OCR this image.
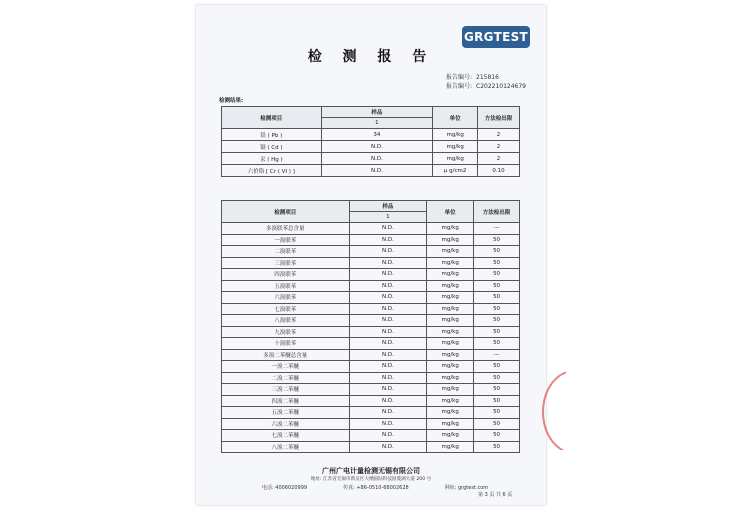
GRGTEST
检 测 报 告
报告编号: 215816
报告编号: C202210124679
检测结果:
检测项目	样品	单位	方法检出限
	1		
铅 ( Pb )	34	mg/kg	2
镉 ( Cd )	N.D.	mg/kg	2
汞 ( Hg )	N.D.	mg/kg	2
六价铬 [ Cr ( VI ) ]	N.D.	μ g/cm2	0.10
检测项目	样品	单位	方法检出限
	1		
多溴联苯总含量	N.D.	mg/kg	---
一溴联苯	N.D.	mg/kg	50
二溴联苯	N.D.	mg/kg	50
三溴联苯	N.D.	mg/kg	50
四溴联苯	N.D.	mg/kg	50
五溴联苯	N.D.	mg/kg	50
六溴联苯	N.D.	mg/kg	50
七溴联苯	N.D.	mg/kg	50
八溴联苯	N.D.	mg/kg	50
九溴联苯	N.D.	mg/kg	50
十溴联苯	N.D.	mg/kg	50
多溴二苯醚总含量	N.D.	mg/kg	---
一溴二苯醚	N.D.	mg/kg	50
二溴二苯醚	N.D.	mg/kg	50
三溴二苯醚	N.D.	mg/kg	50
四溴二苯醚	N.D.	mg/kg	50
五溴二苯醚	N.D.	mg/kg	50
六溴二苯醚	N.D.	mg/kg	50
七溴二苯醚	N.D.	mg/kg	50
八溴二苯醚	N.D.	mg/kg	50
广州广电计量检测无锡有限公司
地址: 江苏省无锡市新吴区大纲国际科技园菱湖大道 200 号
电话: 4006020999	传真: +86-0510-68002628	网址: grgtest.com
第 3 页 共 6 页
